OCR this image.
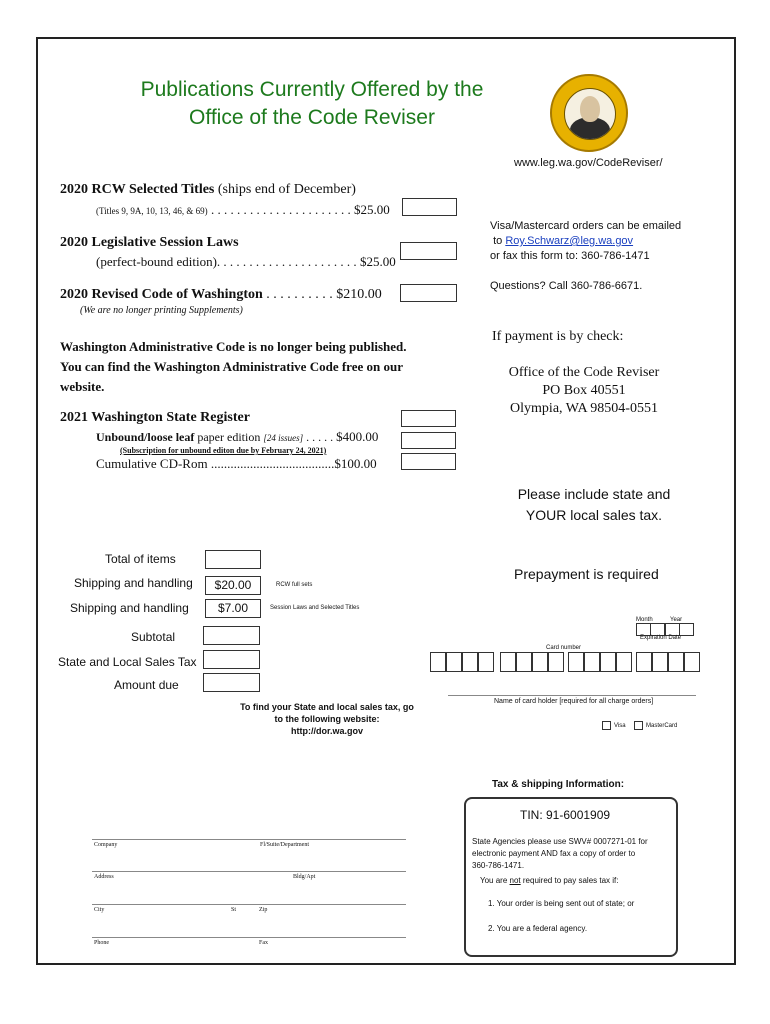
Publications Currently Offered by the
Office of the Code Reviser
www.leg.wa.gov/CodeReviser/
2020 RCW Selected Titles (ships end of December)
(Titles 9, 9A, 10, 13, 46, & 69) . . . . . . . . . . . . . . . . . . . . . . $25.00
2020 Legislative Session Laws
(perfect-bound edition). . . . . . . . . . . . . . . . . . . . . . $25.00
2020 Revised Code of Washington . . . . . . . . . . $210.00
(We are no longer printing Supplements)
Washington Administrative Code is no longer being published.
You can find the Washington Administrative Code free on our
website.
2021 Washington State Register
Unbound/loose leaf paper edition [24 issues] . . . . . $400.00
(Subscription for unbound editon due by February 24, 2021)
Cumulative CD-Rom ......................................$100.00
Visa/Mastercard orders can be emailed
to Roy.Schwarz@leg.wa.gov
or fax this form to: 360-786-1471
Questions? Call 360-786-6671.
If payment is by check:
Office of the Code Reviser
PO Box 40551
Olympia, WA 98504-0551
Please include state and
YOUR local sales tax.
Prepayment is required
Total of items
Shipping and handling	$20.00	RCW full sets
Shipping and handling	$7.00	Session Laws and Selected Titles
Subtotal
State and Local Sales Tax
Amount due
Month	Year
Expiration Date
Card number
Name of card holder [required for all charge orders]
Visa	MasterCard
To find your State and local sales tax, go
to the following website:
http://dor.wa.gov
Tax & shipping Information:
TIN: 91-6001909
State Agencies please use SWV# 0007271-01 for
electronic payment AND fax a copy of order to
360-786-1471.
You are not required to pay sales tax if:
1. Your order is being sent out of state; or
2. You are a federal agency.
Company	Fl/Suite/Department
Address	Bldg/Apt
City	St	Zip
Phone	Fax
